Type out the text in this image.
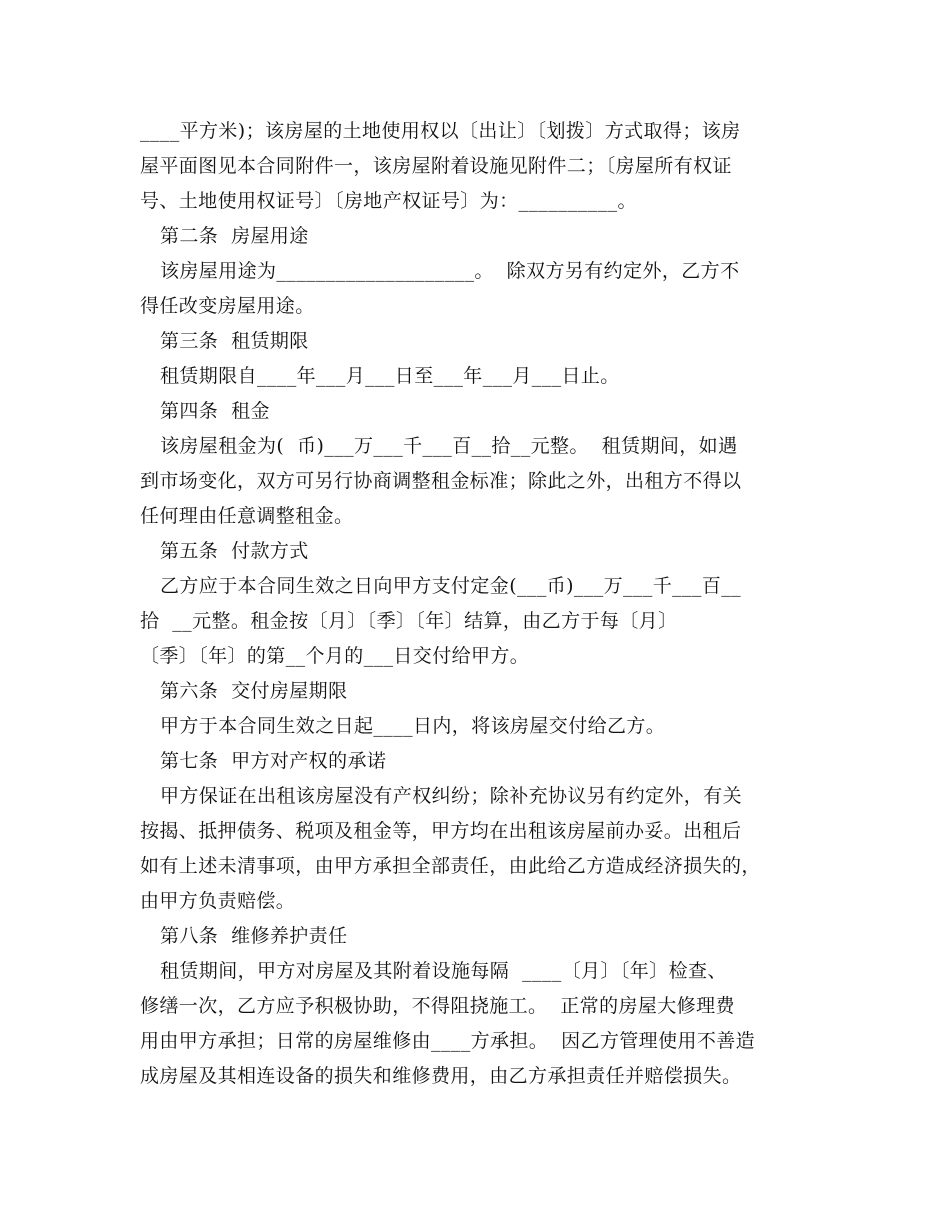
____平方米)；该房屋的土地使用权以〔出让〕〔划拨〕方式取得；该房
屋平面图见本合同附件一，该房屋附着设施见附件二；〔房屋所有权证
号、土地使用权证号〕〔房地产权证号〕为：__________。
第二条  房屋用途
该房屋用途为____________________。  除双方另有约定外，乙方不
得任改变房屋用途。
第三条  租赁期限
租赁期限自____年___月___日至___年___月___日止。
第四条  租金
该房屋租金为(  币)___万___千___百__拾__元整。  租赁期间，如遇
到市场变化，双方可另行协商调整租金标准；除此之外，出租方不得以
任何理由任意调整租金。
第五条  付款方式
乙方应于本合同生效之日向甲方支付定金(___币)___万___千___百__
拾  __元整。租金按〔月〕〔季〕〔年〕结算，由乙方于每〔月〕
〔季〕〔年〕的第__个月的___日交付给甲方。
第六条  交付房屋期限
甲方于本合同生效之日起____日内，将该房屋交付给乙方。
第七条  甲方对产权的承诺
甲方保证在出租该房屋没有产权纠纷；除补充协议另有约定外，有关
按揭、抵押债务、税项及租金等，甲方均在出租该房屋前办妥。出租后
如有上述未清事项，由甲方承担全部责任，由此给乙方造成经济损失的，
由甲方负责赔偿。
第八条  维修养护责任
租赁期间，甲方对房屋及其附着设施每隔  ____〔月〕〔年〕检查、
修缮一次，乙方应予积极协助，不得阻挠施工。  正常的房屋大修理费
用由甲方承担；日常的房屋维修由____方承担。  因乙方管理使用不善造
成房屋及其相连设备的损失和维修费用，由乙方承担责任并赔偿损失。
